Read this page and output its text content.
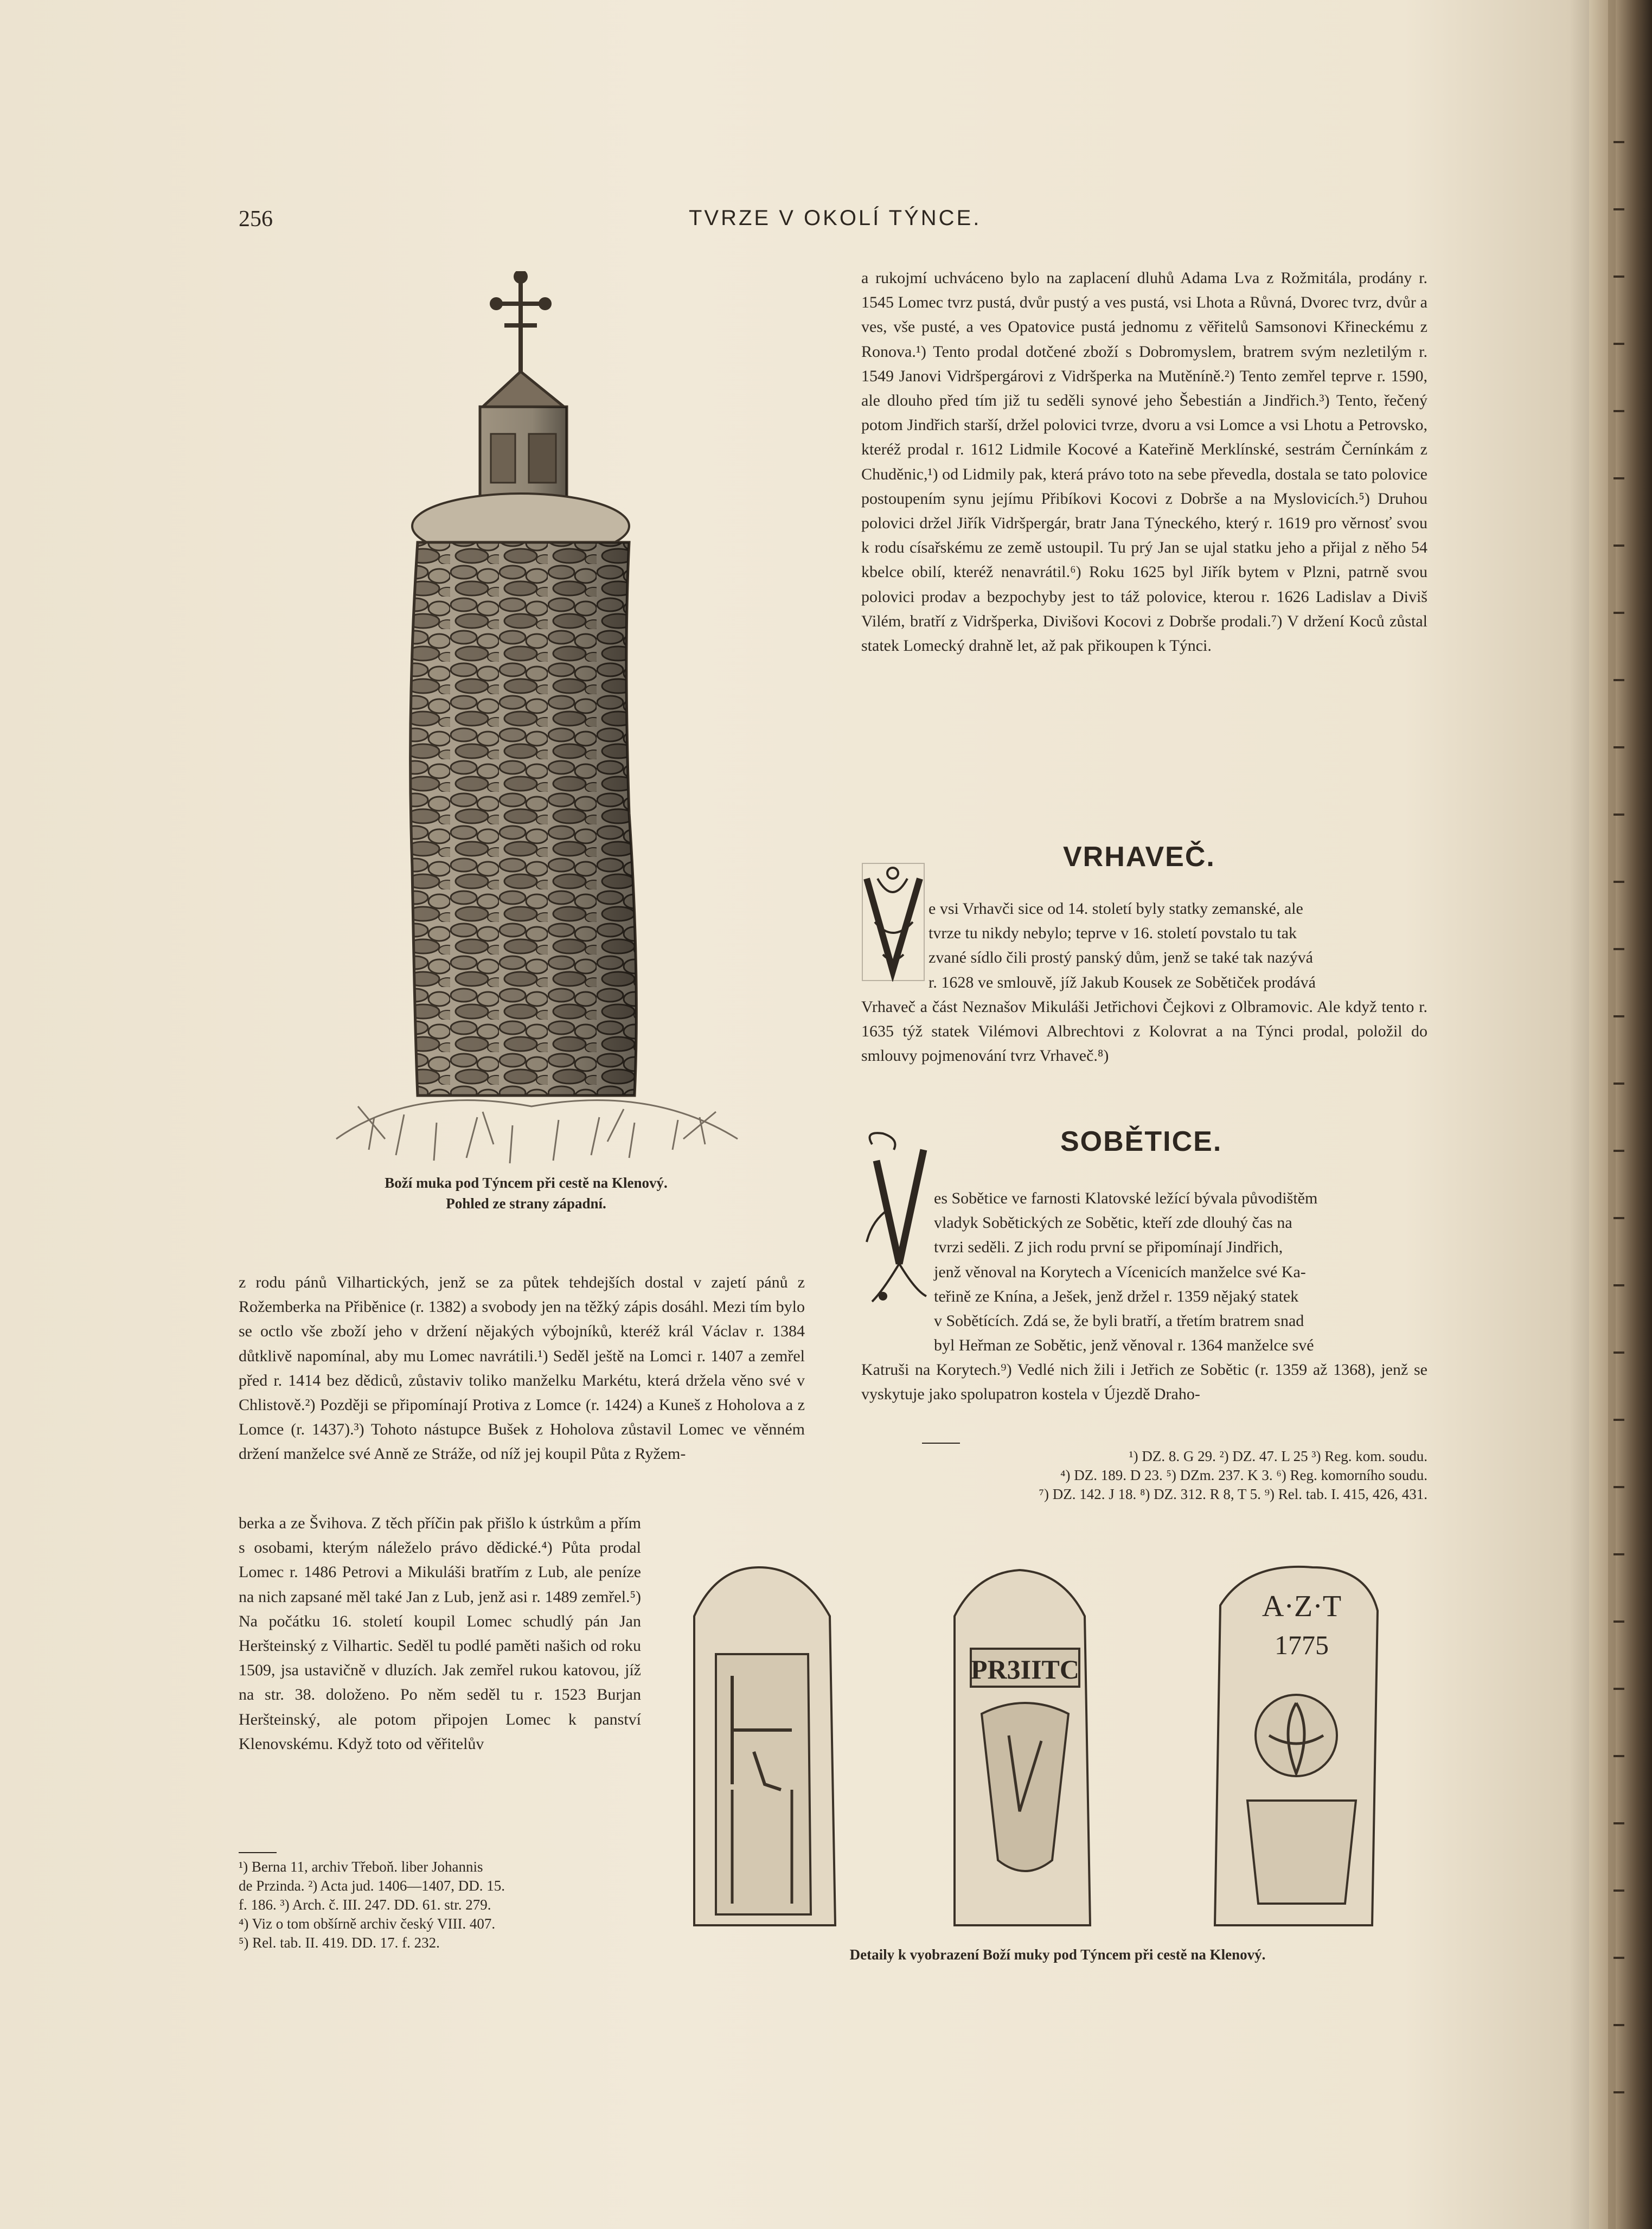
256	TVRZE V OKOLÍ TÝNCE.
Boží muka pod Týncem při cestě na Klenový.
Pohled ze strany západní.

a rukojmí uchváceno bylo na zaplacení dluhů Adama Lva z Rožmitála, prodány r. 1545 Lomec tvrz pustá, dvůr pustý a ves pustá, vsi Lhota a Růvná, Dvorec tvrz, dvůr a ves, vše pusté, a ves Opatovice pustá jednomu z věřitelů Samsonovi Křineckému z Ronova.¹) Tento prodal dotčené zboží s Dobromyslem, bratrem svým nezletilým r. 1549 Janovi Vidršpergárovi z Vidršperka na Mutěníně.²) Tento zemřel teprve r. 1590, ale dlouho před tím již tu seděli synové jeho Šebestián a Jindřich.³) Tento, řečený potom Jindřich starší, držel polovici tvrze, dvoru a vsi Lomce a vsi Lhotu a Petrovsko, kteréž prodal r. 1612 Lidmile Kocové a Kateřině Merklínské, sestrám Černínkám z Chuděnic,¹) od Lidmily pak, která právo toto na sebe převedla, dostala se tato polovice postoupením synu jejímu Přibíkovi Kocovi z Dobrše a na Myslovicích.⁵) Druhou polovici držel Jiřík Vidršpergár, bratr Jana Týneckého, který r. 1619 pro věrnosť svou k rodu císařskému ze země ustoupil. Tu prý Jan se ujal statku jeho a přijal z něho 54 kbelce obilí, kteréž nenavrátil.⁶) Roku 1625 byl Jiřík bytem v Plzni, patrně svou polovici prodav a bezpochyby jest to táž polovice, kterou r. 1626 Ladislav a Diviš Vilém, bratří z Vidršperka, Divišovi Kocovi z Dobrše prodali.⁷) V držení Koců zůstal statek Lomecký drahně let, až pak přikoupen k Týnci.

VRHAVEČ.
e vsi Vrhavči sice od 14. století byly statky zemanské, ale
tvrze tu nikdy nebylo; teprve v 16. století povstalo tu tak
zvané sídlo čili prostý panský dům, jenž se také tak nazývá
r. 1628 ve smlouvě, jíž Jakub Kousek ze Sobětiček prodává

Vrhaveč a část Neznašov Mikuláši Jetřichovi Čejkovi z Olbramovic. Ale když tento r. 1635 týž statek Vilémovi Albrechtovi z Kolovrat a na Týnci prodal, položil do smlouvy pojmenování tvrz Vrhaveč.⁸)

SOBĚTICE.
es Sobětice ve farnosti Klatovské ležící bývala původištěm
vladyk Sobětických ze Sobětic, kteří zde dlouhý čas na
tvrzi seděli. Z jich rodu první se připomínají Jindřich,
jenž věnoval na Korytech a Vícenicích manželce své Ka-
teřině ze Knína, a Ješek, jenž držel r. 1359 nějaký statek
v Sobětících. Zdá se, že byli bratří, a třetím bratrem snad
byl Heřman ze Sobětic, jenž věnoval r. 1364 manželce své

Katruši na Korytech.⁹) Vedlé nich žili i Jetřich ze Sobětic (r. 1359 až 1368), jenž se vyskytuje jako spolupatron kostela v Újezdě Draho-

¹) DZ. 8. G 29. ²) DZ. 47. L 25 ³) Reg. kom. soudu.
⁴) DZ. 189. D 23. ⁵) DZm. 237. K 3. ⁶) Reg. komorního soudu.
⁷) DZ. 142. J 18. ⁸) DZ. 312. R 8, T 5. ⁹) Rel. tab. I. 415, 426, 431.

z rodu pánů Vilhartických, jenž se za půtek tehdejších dostal v zajetí pánů z Rožemberka na Přiběnice (r. 1382) a svobody jen na těžký zápis dosáhl. Mezi tím bylo se octlo vše zboží jeho v držení nějakých výbojníků, kteréž král Václav r. 1384 důtklivě napomínal, aby mu Lomec navrátili.¹) Seděl ještě na Lomci r. 1407 a zemřel před r. 1414 bez dědiců, zůstaviv toliko manželku Markétu, která držela věno své v Chlistově.²) Později se připomínají Protiva z Lomce (r. 1424) a Kuneš z Hoholova a z Lomce (r. 1437).³) Tohoto nástupce Bušek z Hoholova zůstavil Lomec ve věnném držení manželce své Anně ze Stráže, od níž jej koupil Půta z Ryžem-

berka a ze Švihova. Z těch příčin pak přišlo k ústrkům a přím s osobami, kterým náleželo právo dědické.⁴) Půta prodal Lomec r. 1486 Petrovi a Mikuláši bratřím z Lub, ale peníze na nich zapsané měl také Jan z Lub, jenž asi r. 1489 zemřel.⁵) Na počátku 16. století koupil Lomec schudlý pán Jan Heršteinský z Vilhartic. Seděl tu podlé paměti našich od roku 1509, jsa ustavičně v dluzích. Jak zemřel rukou katovou, jíž na str. 38. doloženo. Po něm seděl tu r. 1523 Burjan Heršteinský, ale potom připojen Lomec k panství Klenovskému. Když toto od věřitelův

¹) Berna 11, archiv Třeboň. liber Johannis
de Przinda. ²) Acta jud. 1406—1407, DD. 15.
f. 186. ³) Arch. č. III. 247. DD. 61. str. 279.
⁴) Viz o tom obšírně archiv český VIII. 407.
⁵) Rel. tab. II. 419. DD. 17. f. 232.
PR3IITC
A·Z·T
1775
Detaily k vyobrazení Boží muky pod Týncem při cestě na Klenový.
